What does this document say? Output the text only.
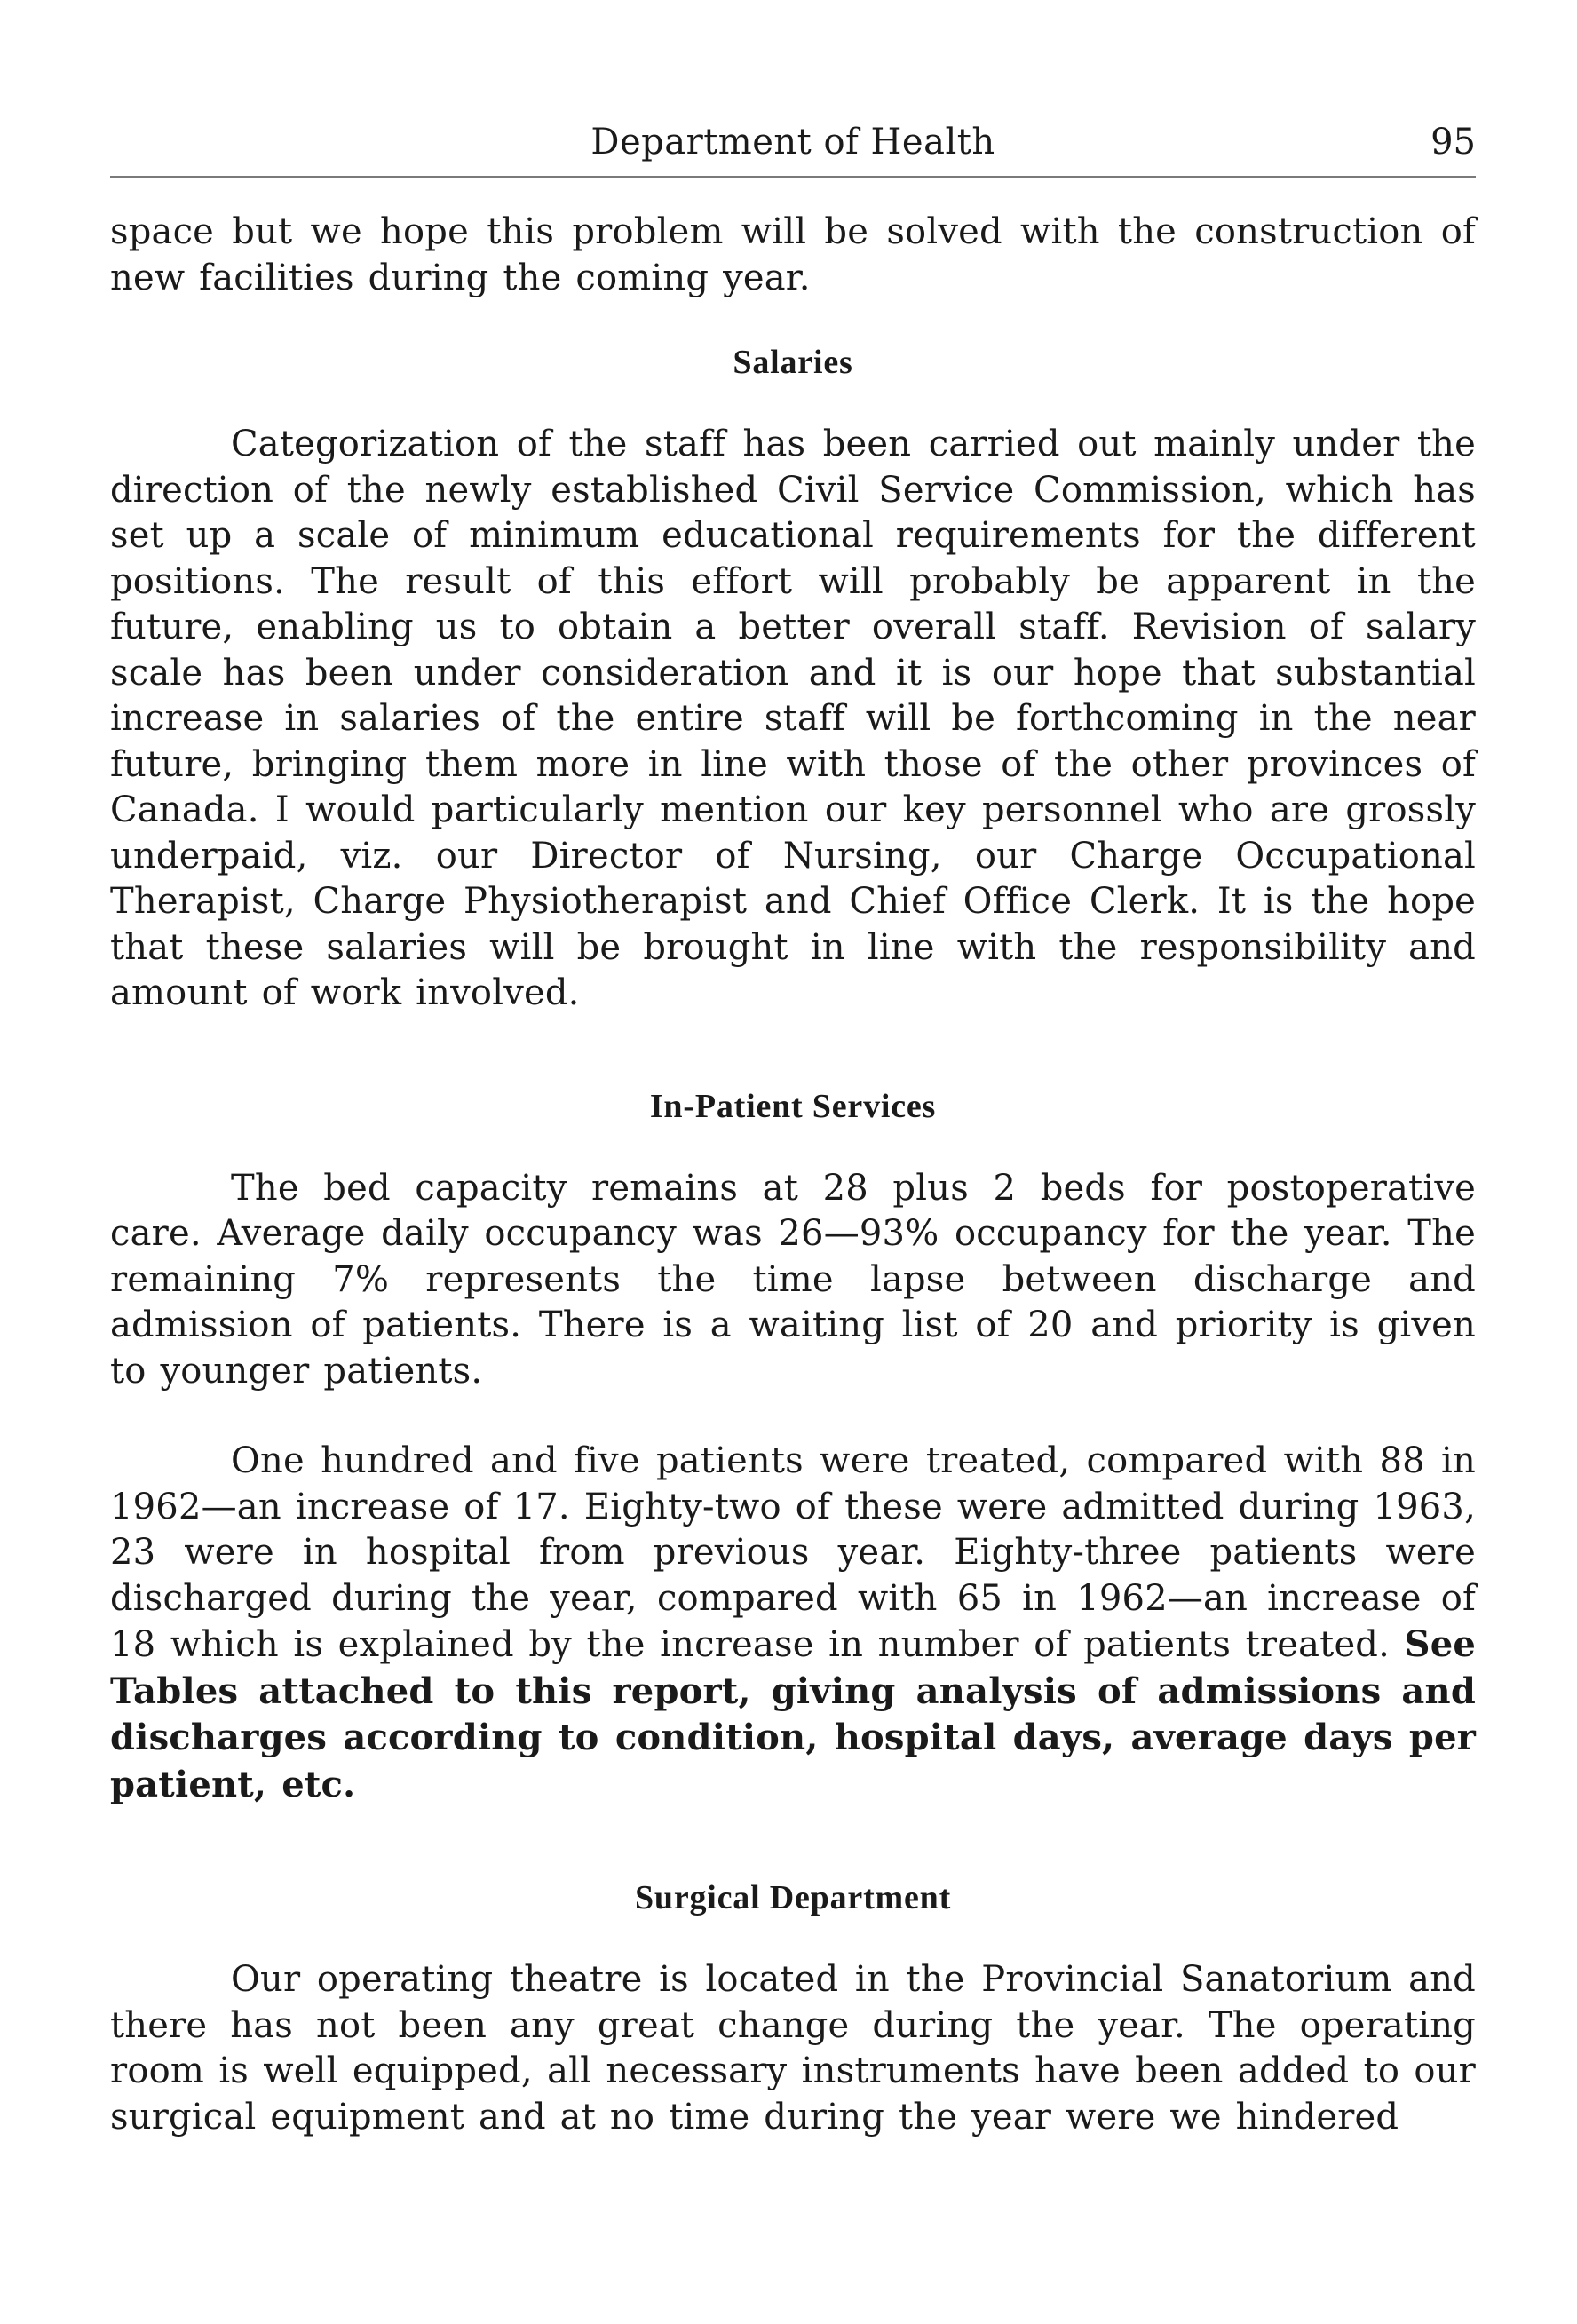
Department of Health	95

space but we hope this problem will be solved with the construction of new facilities during the coming year.

Salaries

Categorization of the staff has been carried out mainly under the direction of the newly established Civil Service Commission, which has set up a scale of minimum educational requirements for the different positions. The result of this effort will probably be apparent in the future, enabling us to obtain a better overall staff. Revision of salary scale has been under consideration and it is our hope that substantial increase in salaries of the entire staff will be forthcoming in the near future, bringing them more in line with those of the other provinces of Canada. I would particularly mention our key personnel who are grossly underpaid, viz. our Director of Nursing, our Charge Occupational Therapist, Charge Physiotherapist and Chief Office Clerk. It is the hope that these salaries will be brought in line with the responsibility and amount of work involved.

In-Patient Services

The bed capacity remains at 28 plus 2 beds for postoperative care. Average daily occupancy was 26—93% occupancy for the year. The remaining 7% represents the time lapse between discharge and admission of patients. There is a waiting list of 20 and priority is given to younger patients.

One hundred and five patients were treated, compared with 88 in 1962—an increase of 17. Eighty-two of these were admitted during 1963, 23 were in hospital from previous year. Eighty-three patients were discharged during the year, compared with 65 in 1962—an increase of 18 which is explained by the increase in number of patients treated. See Tables attached to this report, giving analysis of admissions and discharges according to condition, hospital days, average days per patient, etc.

Surgical Department

Our operating theatre is located in the Provincial Sanatorium and there has not been any great change during the year. The operating room is well equipped, all necessary instruments have been added to our surgical equipment and at no time during the year were we hindered
